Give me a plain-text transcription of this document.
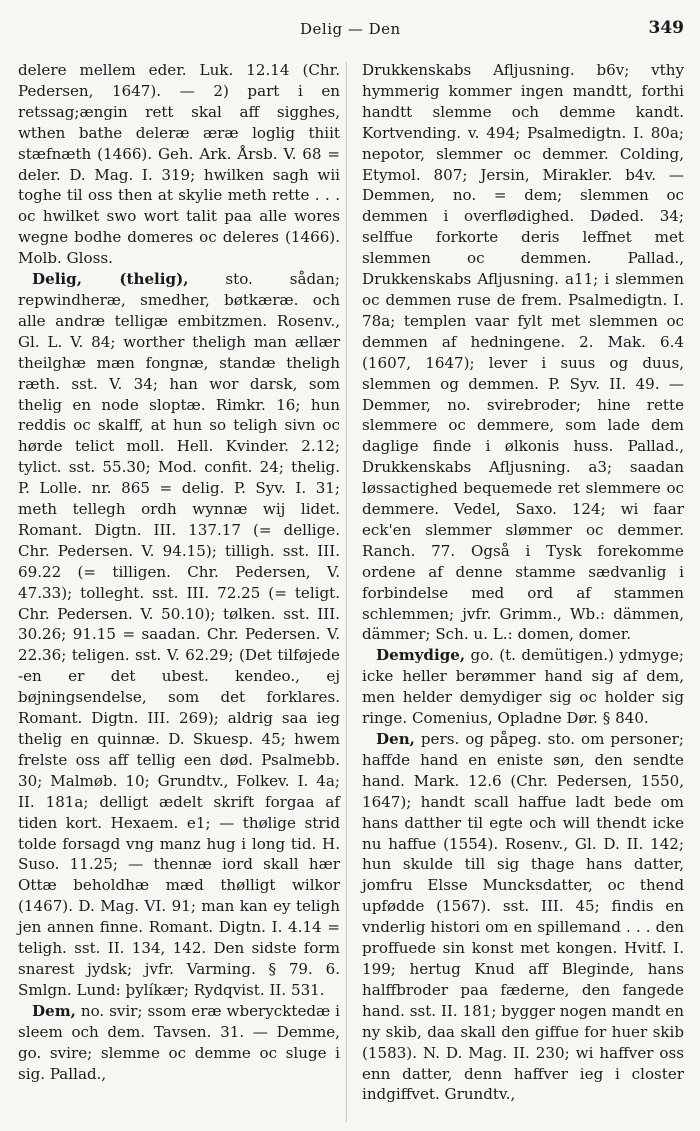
Delig — Den	349

delere mellem eder. Luk. 12.14 (Chr. Pedersen, 1647). — 2) part i en retssag;ængin rett skal aff sigghes, wthen bathe deleræ æræ loglig thiit stæfnæth (1466). Geh. Ark. Årsb. V. 68 = deler. D. Mag. I. 319; hwilken sagh wii toghe til oss then at skylie meth rette . . . oc hwilket swo wort talit paa alle wores wegne bodhe domeres oc deleres (1466). Molb. Gloss.

Delig, (thelig), sto. sådan; repwindheræ, smedher, bøtkæræ. och alle andræ telligæ embitzmen. Rosenv., Gl. L. V. 84; worther theligh man ællær theilghæ mæn fongnæ, standæ theligh ræth. sst. V. 34; han wor darsk, som thelig en node sloptæ. Rimkr. 16; hun reddis oc skalff, at hun so teligh sivn oc hørde telict moll. Hell. Kvinder. 2.12; tylict. sst. 55.30; Mod. confit. 24; thelig. P. Lolle. nr. 865 = delig. P. Syv. I. 31; meth tellegh ordh wynnæ wij lidet. Romant. Digtn. III. 137.17 (= dellige. Chr. Pedersen. V. 94.15); tilligh. sst. III. 69.22 (= tilligen. Chr. Pedersen, V. 47.33); tolleght. sst. III. 72.25 (= teligt. Chr. Pedersen. V. 50.10); tølken. sst. III. 30.26; 91.15 = saadan. Chr. Pedersen. V. 22.36; teligen. sst. V. 62.29; (Det tilføjede -en er det ubest. kendeo., ej bøjningsendelse, som det forklares. Romant. Digtn. III. 269); aldrig saa ieg thelig en quinnæ. D. Skuesp. 45; hwem frelste oss aff tellig een død. Psalmebb. 30; Malmøb. 10; Grundtv., Folkev. I. 4a; II. 181a; delligt ædelt skrift forgaa af tiden kort. Hexaem. e1; — thølige strid tolde forsagd vng manz hug i long tid. H. Suso. 11.25; — thennæ iord skall hær Ottæ beholdhæ mæd thølligt wilkor (1467). D. Mag. VI. 91; man kan ey teligh jen annen finne. Romant. Digtn. I. 4.14 = teligh. sst. II. 134, 142. Den sidste form snarest jydsk; jvfr. Varming. § 79. 6. Smlgn. Lund: þylíkær; Rydqvist. II. 531.

Dem, no. svir; ssom eræ wberycktedæ i sleem och dem. Tavsen. 31. — Demme, go. svire; slemme oc demme oc sluge i sig. Pallad.,

Drukkenskabs Afljusning. b6v; vthy hymmerig kommer ingen mandtt, forthi handtt slemme och demme kandt. Kortvending. v. 494; Psalmedigtn. I. 80a; nepotor, slemmer oc demmer. Colding, Etymol. 807; Jersin, Mirakler. b4v. — Demmen, no. = dem; slemmen oc demmen i overflødighed. Døded. 34; selffue forkorte deris leffnet met slemmen oc demmen. Pallad., Drukkenskabs Afljusning. a11; i slemmen oc demmen ruse de frem. Psalmedigtn. I. 78a; templen vaar fylt met slemmen oc demmen af hedningene. 2. Mak. 6.4 (1607, 1647); lever i suus og duus, slemmen og demmen. P. Syv. II. 49. — Demmer, no. svirebroder; hine rette slemmere oc demmere, som lade dem daglige finde i ølkonis huss. Pallad., Drukkenskabs Afljusning. a3; saadan løssactighed bequemede ret slemmere oc demmere. Vedel, Saxo. 124; wi faar eck'en slemmer slømmer oc demmer. Ranch. 77. Også i Tysk forekomme ordene af denne stamme sædvanlig i forbindelse med ord af stammen schlemmen; jvfr. Grimm., Wb.: dämmen, dämmer; Sch. u. L.: domen, domer.

Demydige, go. (t. demütigen.) ydmyge; icke heller berømmer hand sig af dem, men helder demydiger sig oc holder sig ringe. Comenius, Opladne Dør. § 840.

Den, pers. og påpeg. sto. om personer; haffde hand en eniste søn, den sendte hand. Mark. 12.6 (Chr. Pedersen, 1550, 1647); handt scall haffue ladt bede om hans datther til egte och will thendt icke nu haffue (1554). Rosenv., Gl. D. II. 142; hun skulde till sig thage hans datter, jomfru Elsse Muncksdatter, oc thend upfødde (1567). sst. III. 45; findis en vnderlig histori om en spillemand . . . den proffuede sin konst met kongen. Hvitf. I. 199; hertug Knud aff Bleginde, hans halffbroder paa fæderne, den fangede hand. sst. II. 181; bygger nogen mandt en ny skib, daa skall den giffue for huer skib (1583). N. D. Mag. II. 230; wi haffver oss enn datter, denn haffver ieg i closter indgiffvet. Grundtv.,
